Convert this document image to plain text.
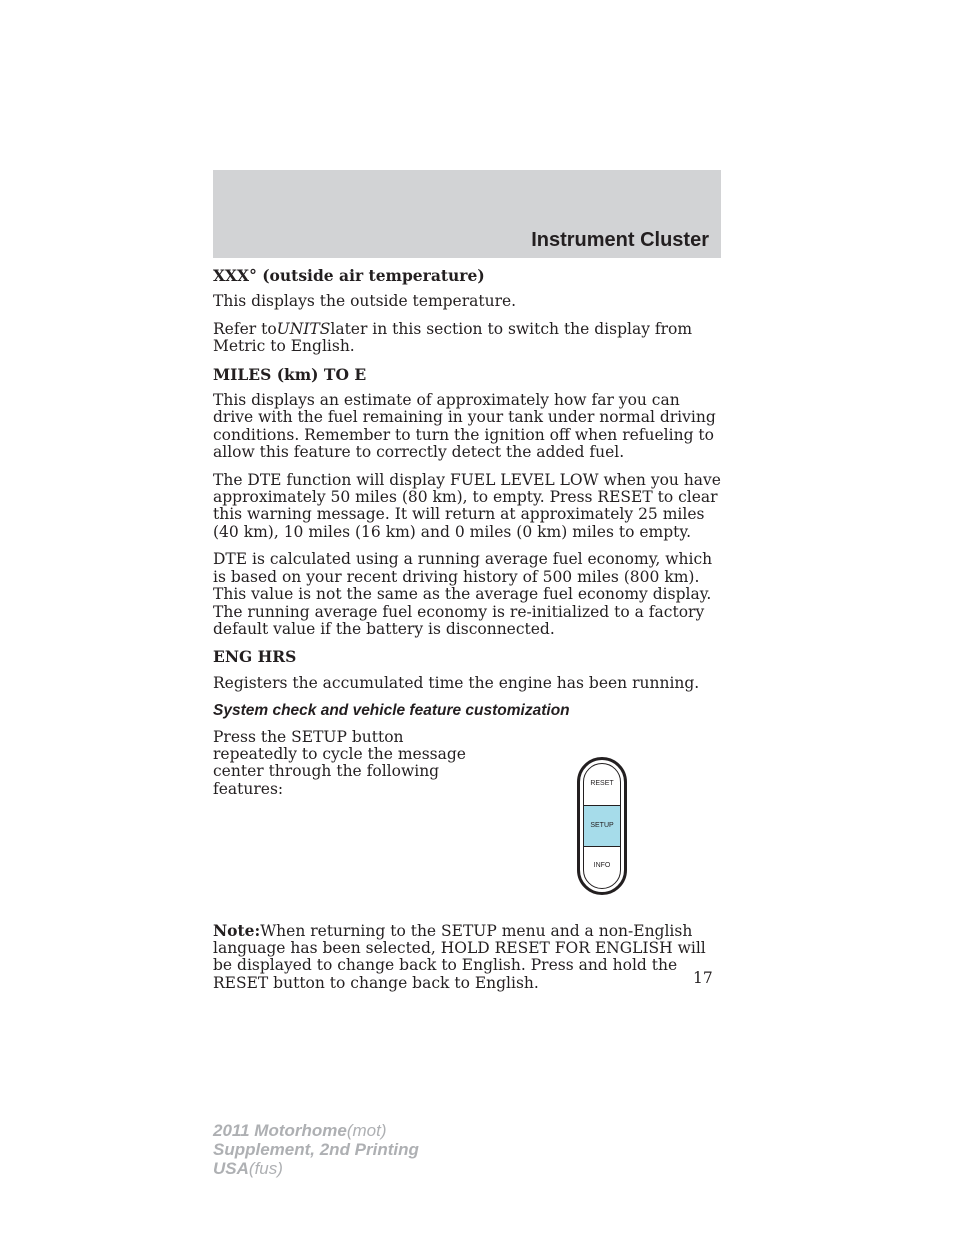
Instrument Cluster

XXX° (outside air temperature)

This displays the outside temperature.

Refer toUNITSlater in this section to switch the display from Metric to English.

MILES (km) TO E

This displays an estimate of approximately how far you can drive with the fuel remaining in your tank under normal driving conditions. Remember to turn the ignition off when refueling to allow this feature to correctly detect the added fuel.

The DTE function will display FUEL LEVEL LOW when you have approximately 50 miles (80 km), to empty. Press RESET to clear this warning message. It will return at approximately 25 miles (40 km), 10 miles (16 km) and 0 miles (0 km) miles to empty.

DTE is calculated using a running average fuel economy, which is based on your recent driving history of 500 miles (800 km). This value is not the same as the average fuel economy display. The running average fuel economy is re-initialized to a factory default value if the battery is disconnected.

ENG HRS

Registers the accumulated time the engine has been running.

System check and vehicle feature customization

Press the SETUP button repeatedly to cycle the message center through the following features:	RESET
SETUP
INFO

Note:When returning to the SETUP menu and a non-English language has been selected, HOLD RESET FOR ENGLISH will be displayed to change back to English. Press and hold the RESET button to change back to English.	17
2011 Motorhome(mot)
Supplement, 2nd Printing
USA(fus)
